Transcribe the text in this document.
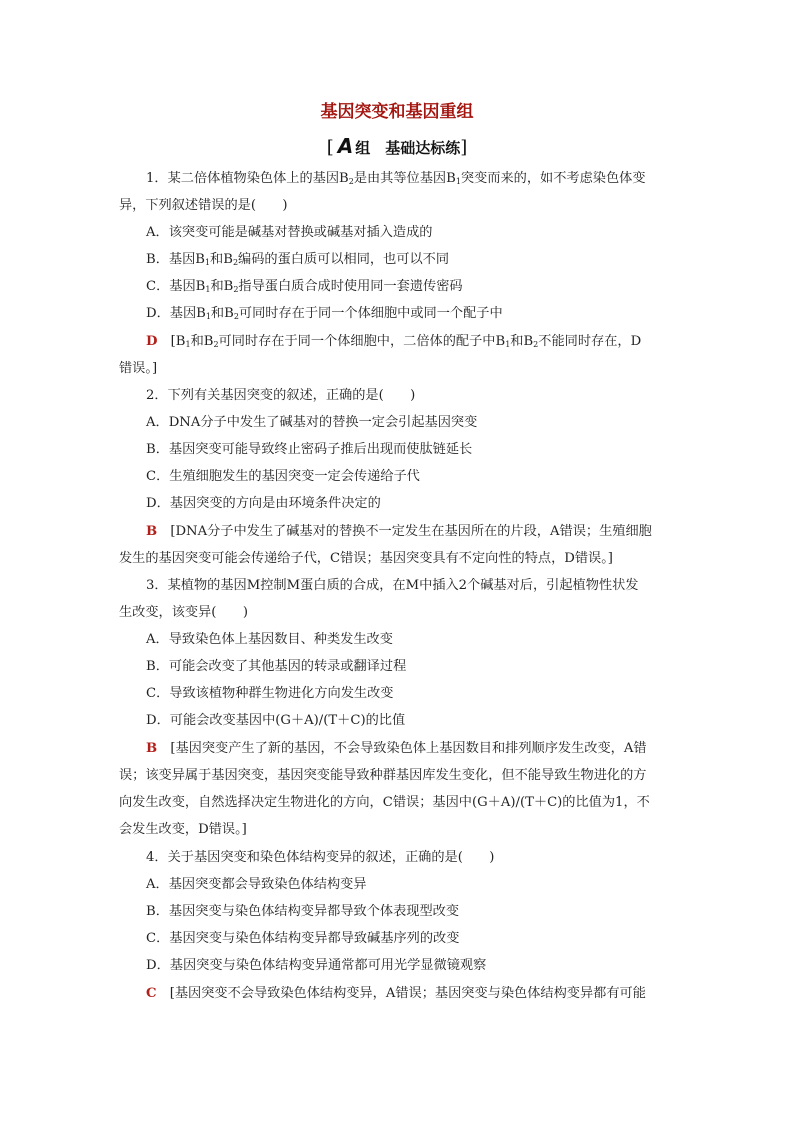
基因突变和基因重组
[ A 组　 基础达标练]
1．某二倍体植物染色体上的基因$B_2$是由其等位基因$B_1$突变而来的，如不考虑染色体变
异，下列叙述错误的是(　　)
A．该突变可能是碱基对替换或碱基对插入造成的
B．基因$B_1$和$B_2$编码的蛋白质可以相同，也可以不同
C．基因$B_1$和$B_2$指导蛋白质合成时使用同一套遗传密码
D．基因$B_1$和$B_2$可同时存在于同一个体细胞中或同一个配子中
D　 [$B_1$和$B_2$可同时存在于同一个体细胞中，二倍体的配子中$B_1$和$B_2$不能同时存在，D
错误。]
2．下列有关基因突变的叙述，正确的是(　　)
A．DNA分子中发生了碱基对的替换一定会引起基因突变
B．基因突变可能导致终止密码子推后出现而使肽链延长
C．生殖细胞发生的基因突变一定会传递给子代
D．基因突变的方向是由环境条件决定的
B　 [DNA分子中发生了碱基对的替换不一定发生在基因所在的片段，A错误；生殖细胞
发生的基因突变可能会传递给子代，C错误；基因突变具有不定向性的特点，D错误。]
3．某植物的基因M控制M蛋白质的合成，在M中插入2个碱基对后，引起植物性状发
生改变，该变异(　　)
A．导致染色体上基因数目、种类发生改变
B．可能会改变了其他基因的转录或翻译过程
C．导致该植物种群生物进化方向发生改变
D．可能会改变基因中(G＋A)/(T＋C)的比值
B　 [基因突变产生了新的基因，不会导致染色体上基因数目和排列顺序发生改变，A错
误；该变异属于基因突变，基因突变能导致种群基因库发生变化，但不能导致生物进化的方
向发生改变，自然选择决定生物进化的方向，C错误；基因中(G＋A)/(T＋C)的比值为1，不
会发生改变，D错误。]
4．关于基因突变和染色体结构变异的叙述，正确的是(　　)
A．基因突变都会导致染色体结构变异
B．基因突变与染色体结构变异都导致个体表现型改变
C．基因突变与染色体结构变异都导致碱基序列的改变
D．基因突变与染色体结构变异通常都可用光学显微镜观察
C　 [基因突变不会导致染色体结构变异，A错误；基因突变与染色体结构变异都有可能
